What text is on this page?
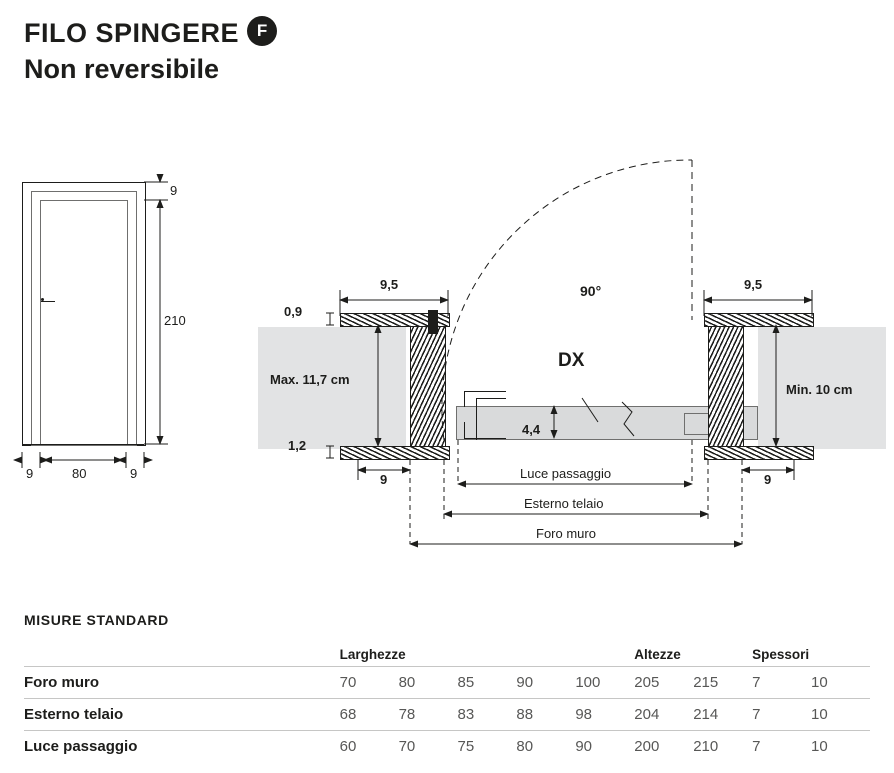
FILO SPINGERE F
Non reversibile
9
210
9	80	9
9,5	9,5
0,9
1,2
90°
DX
Max. 11,7 cm
Min. 10 cm
4,4
9	9
Luce passaggio
Esterno telaio
Foro muro
MISURE STANDARD
	Larghezze					Altezze		Spessori	
Foro muro	70	80	85	90	100	205	215	7	10
Esterno telaio	68	78	83	88	98	204	214	7	10
Luce passaggio	60	70	75	80	90	200	210	7	10
